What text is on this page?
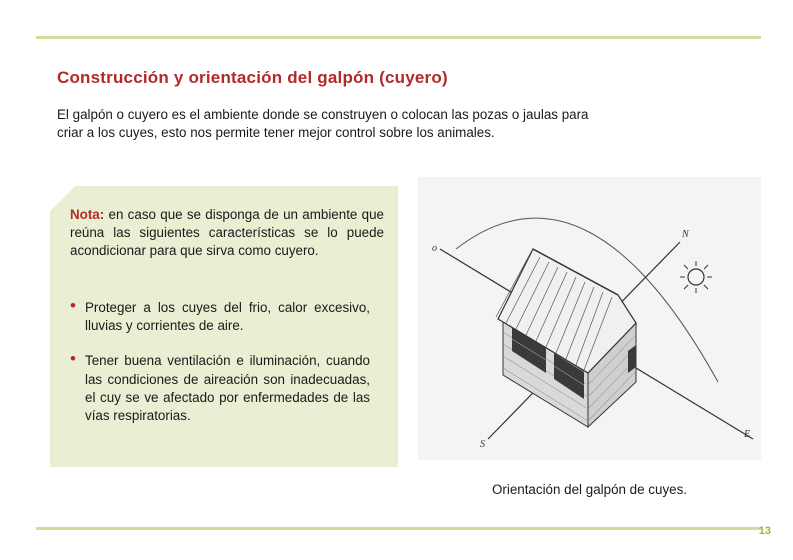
Construcción y orientación del galpón (cuyero)

El galpón o cuyero es el ambiente donde se construyen o colocan las pozas o jaulas para
criar a los cuyes, esto nos permite tener mejor control sobre los animales.

Nota: en caso que se disponga de un ambiente que reúna las siguientes características se lo puede acondicionar para que sirva como cuyero.

• Proteger a los cuyes del frio, calor excesivo, lluvias y corrientes de aire.
• Tener buena ventilación e iluminación, cuando las condiciones de aireación son inadecuadas, el cuy se ve afectado por enfermedades de las vías respiratorias.
o
N
E
S

Orientación del galpón de cuyes.

13
